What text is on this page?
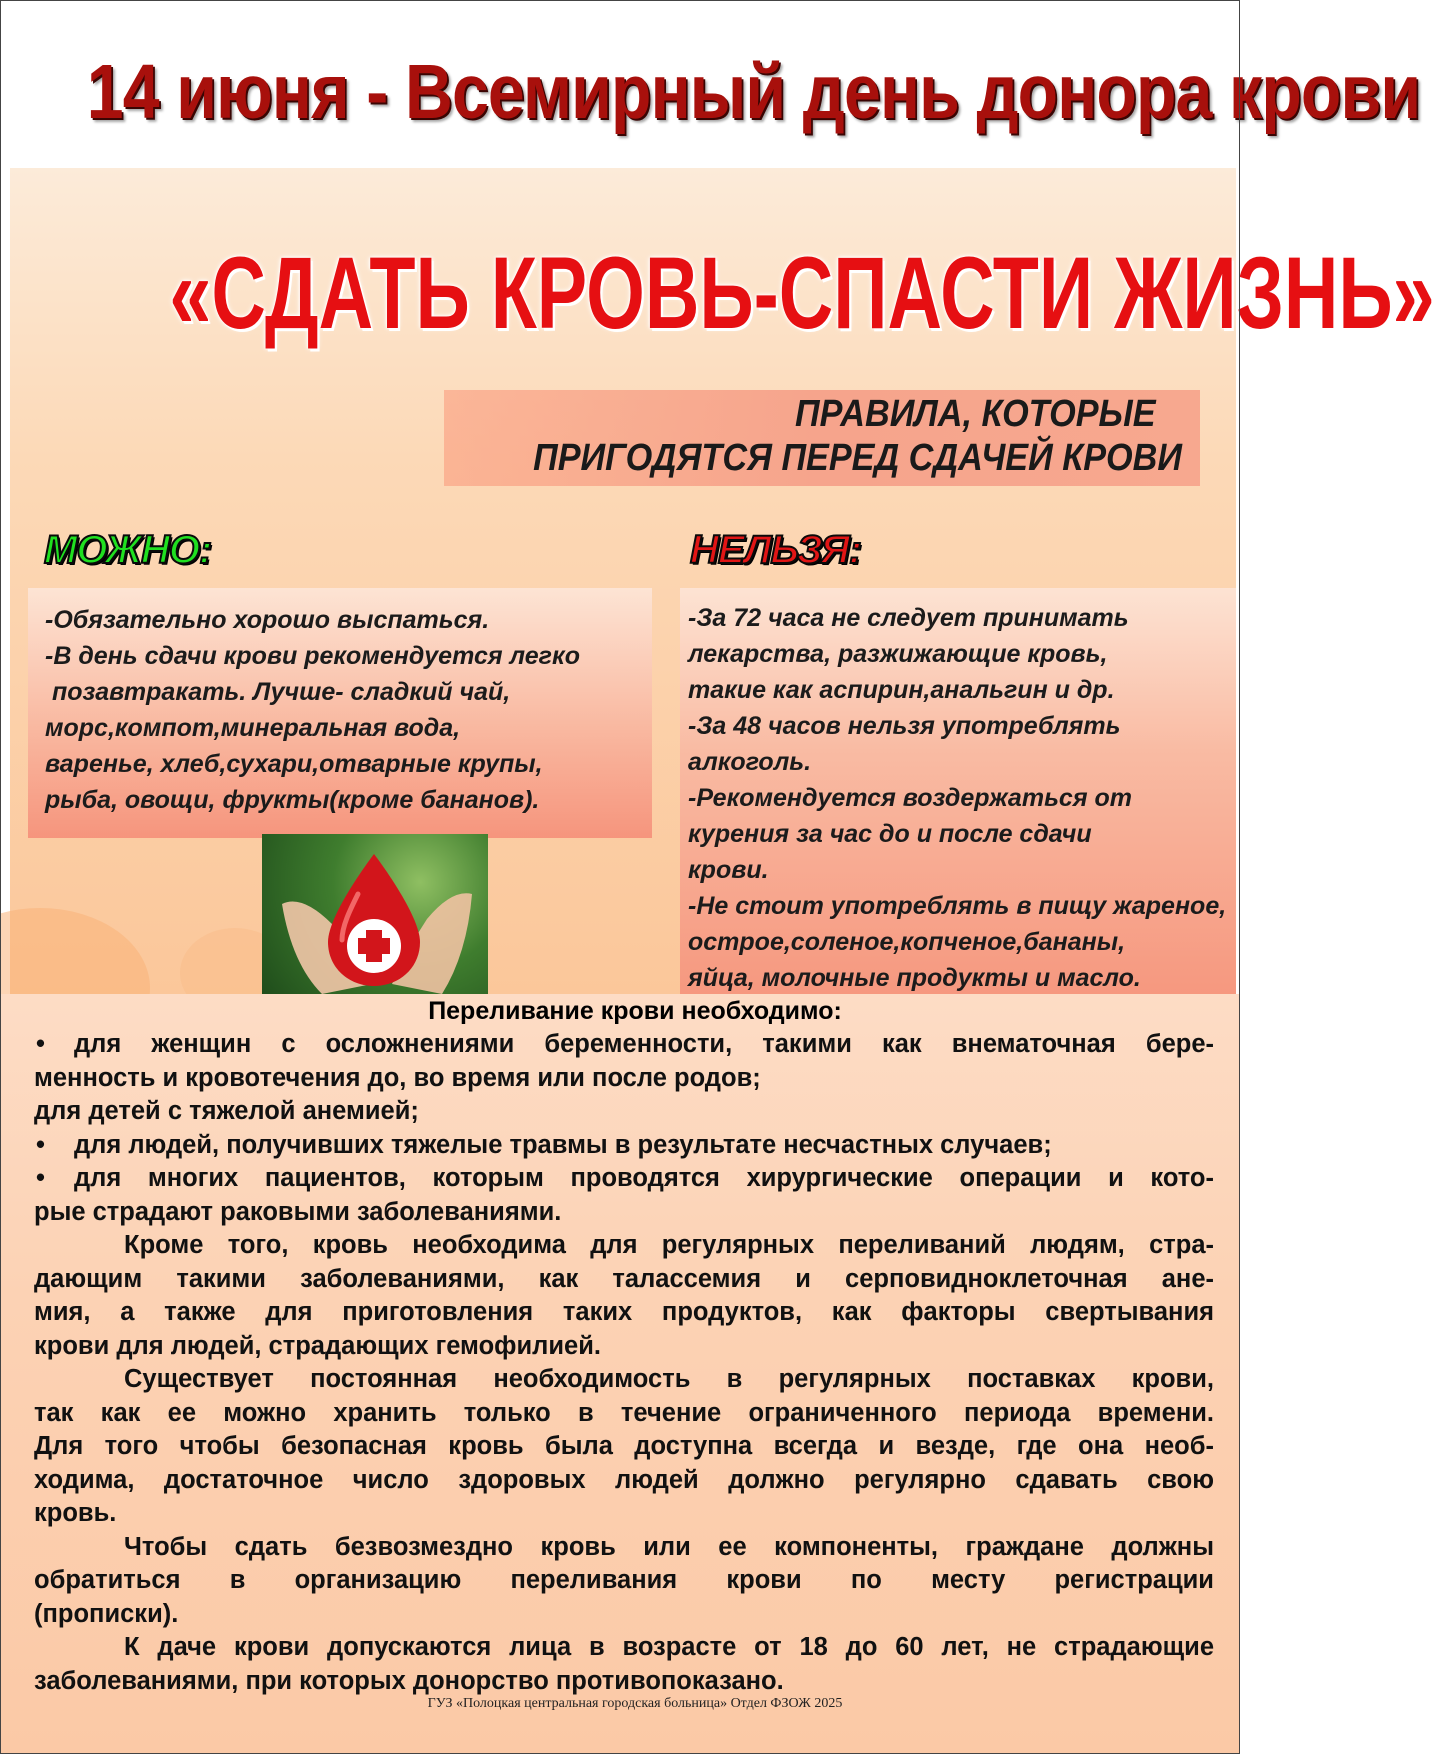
14 июня - Всемирный день донора крови
«СДАТЬ КРОВЬ-СПАСТИ ЖИЗНЬ»
ПРАВИЛА, КОТОРЫЕ
ПРИГОДЯТСЯ ПЕРЕД СДАЧЕЙ КРОВИ
МОЖНО:	НЕЛЬЗЯ:
-Обязательно хорошо выспаться.
-В день сдачи крови рекомендуется легко
позавтракать. Лучше- сладкий чай,
морс,компот,минеральная вода,
варенье, хлеб,сухари,отварные крупы,
рыба, овощи, фрукты(кроме бананов).
-За 72 часа не следует принимать
лекарства, разжижающие кровь,
такие как аспирин,анальгин и др.
-За 48 часов нельзя употреблять
алкоголь.
-Рекомендуется воздержаться от
курения за час до и после сдачи
крови.
-Не стоит употреблять в пищу жареное,
острое,соленое,копченое,бананы,
яйца, молочные продукты и масло.
Переливание крови необходимо:
• для женщин с осложнениями беременности, такими как внематочная бере-
менность и кровотечения до, во время или после родов;
для детей с тяжелой анемией;
• для людей, получивших тяжелые травмы в результате несчастных случаев;
• для многих пациентов, которым проводятся хирургические операции и кото-
рые страдают раковыми заболеваниями.
Кроме того, кровь необходима для регулярных переливаний людям, стра-
дающим такими заболеваниями, как талассемия и серповидноклеточная ане-
мия, а также для приготовления таких продуктов, как факторы свертывания
крови для людей, страдающих гемофилией.
Существует постоянная необходимость в регулярных поставках крови,
так как ее можно хранить только в течение ограниченного периода времени.
Для того чтобы безопасная кровь была доступна всегда и везде, где она необ-
ходима, достаточное число здоровых людей должно регулярно сдавать свою
кровь.
Чтобы сдать безвозмездно кровь или ее компоненты, граждане должны
обратиться в организацию переливания крови по месту регистрации
(прописки).
К даче крови допускаются лица в возрасте от 18 до 60 лет, не страдающие
заболеваниями, при которых донорство противопоказано.
ГУЗ «Полоцкая центральная городская больница» Отдел ФЗОЖ 2025
